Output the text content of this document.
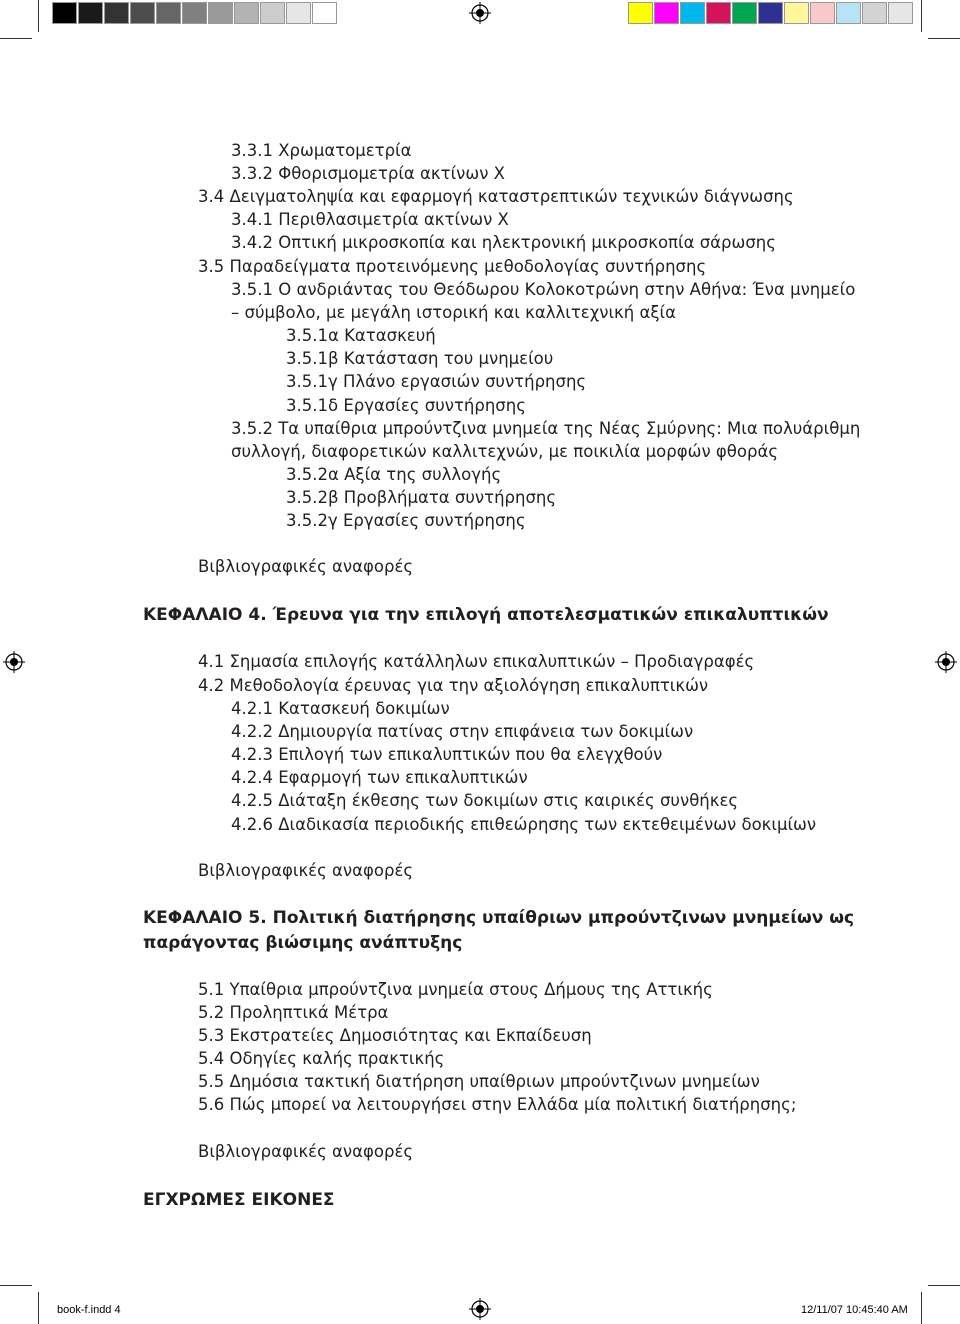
3.3.1 Χρωματομετρία
3.3.2 Φθορισμομετρία ακτίνων Χ
3.4 Δειγματοληψία και εφαρμογή καταστρεπτικών τεχνικών διάγνωσης
3.4.1 Περιθλασιμετρία ακτίνων Χ
3.4.2 Οπτική μικροσκοπία και ηλεκτρονική μικροσκοπία σάρωσης
3.5 Παραδείγματα προτεινόμενης μεθοδολογίας συντήρησης
3.5.1 Ο ανδριάντας του Θεόδωρου Κολοκοτρώνη στην Αθήνα: Ένα μνημείο
– σύμβολο, με μεγάλη ιστορική και καλλιτεχνική αξία
3.5.1α Κατασκευή
3.5.1β Κατάσταση του μνημείου
3.5.1γ Πλάνο εργασιών συντήρησης
3.5.1δ Εργασίες συντήρησης
3.5.2 Τα υπαίθρια μπρούντζινα μνημεία της Νέας Σμύρνης: Μια πολυάριθμη
συλλογή, διαφορετικών καλλιτεχνών, με ποικιλία μορφών φθοράς
3.5.2α Αξία της συλλογής
3.5.2β Προβλήματα συντήρησης
3.5.2γ Εργασίες συντήρησης
Βιβλιογραφικές αναφορές
ΚΕΦΑΛΑΙΟ 4. Έρευνα για την επιλογή αποτελεσματικών επικαλυπτικών
4.1 Σημασία επιλογής κατάλληλων επικαλυπτικών – Προδιαγραφές
4.2 Μεθοδολογία έρευνας για την αξιολόγηση επικαλυπτικών
4.2.1 Κατασκευή δοκιμίων
4.2.2 Δημιουργία πατίνας στην επιφάνεια των δοκιμίων
4.2.3 Επιλογή των επικαλυπτικών που θα ελεγχθούν
4.2.4 Εφαρμογή των επικαλυπτικών
4.2.5 Διάταξη έκθεσης των δοκιμίων στις καιρικές συνθήκες
4.2.6 Διαδικασία περιοδικής επιθεώρησης των εκτεθειμένων δοκιμίων
Βιβλιογραφικές αναφορές
ΚΕΦΑΛΑΙΟ 5. Πολιτική διατήρησης υπαίθριων μπρούντζινων μνημείων ως
παράγοντας βιώσιμης ανάπτυξης
5.1 Υπαίθρια μπρούντζινα μνημεία στους Δήμους της Αττικής
5.2 Προληπτικά Μέτρα
5.3 Εκστρατείες Δημοσιότητας και Εκπαίδευση
5.4 Οδηγίες καλής πρακτικής
5.5 Δημόσια τακτική διατήρηση υπαίθριων μπρούντζινων μνημείων
5.6 Πώς μπορεί να λειτουργήσει στην Ελλάδα μία πολιτική διατήρησης;
Βιβλιογραφικές αναφορές
ΕΓΧΡΩΜΕΣ ΕΙΚΟΝΕΣ
book-f.indd 4	12/11/07 10:45:40 AM
